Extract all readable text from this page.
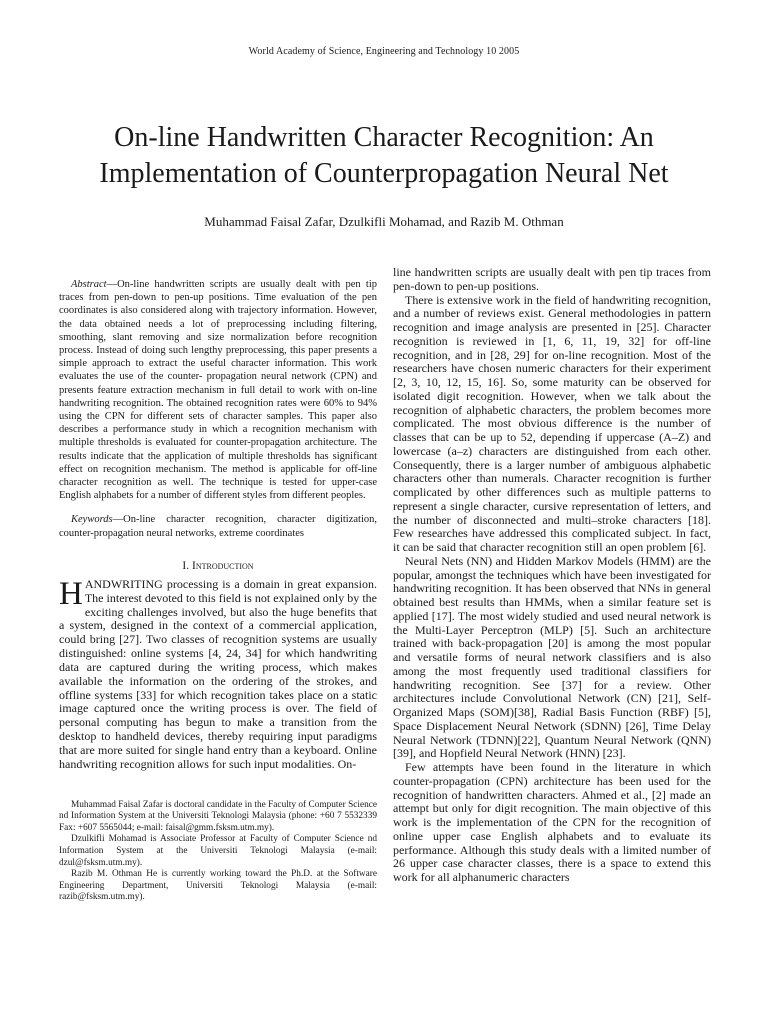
World Academy of Science, Engineering and Technology 10 2005
On-line Handwritten Character Recognition: An Implementation of Counterpropagation Neural Net
Muhammad Faisal Zafar, Dzulkifli Mohamad, and Razib M. Othman

Abstract—On-line handwritten scripts are usually dealt with pen tip traces from pen-down to pen-up positions. Time evaluation of the pen coordinates is also considered along with trajectory information. However, the data obtained needs a lot of preprocessing including filtering, smoothing, slant removing and size normalization before recognition process. Instead of doing such lengthy preprocessing, this paper presents a simple approach to extract the useful character information. This work evaluates the use of the counter- propagation neural network (CPN) and presents feature extraction mechanism in full detail to work with on-line handwriting recognition. The obtained recognition rates were 60% to 94% using the CPN for different sets of character samples. This paper also describes a performance study in which a recognition mechanism with multiple thresholds is evaluated for counter-propagation architecture. The results indicate that the application of multiple thresholds has significant effect on recognition mechanism. The method is applicable for off-line character recognition as well. The technique is tested for upper-case English alphabets for a number of different styles from different peoples.

Keywords—On-line character recognition, character digitization, counter-propagation neural networks, extreme coordinates

I. Introduction

HANDWRITING processing is a domain in great expansion. The interest devoted to this field is not explained only by the exciting challenges involved, but also the huge benefits that a system, designed in the context of a commercial application, could bring [27]. Two classes of recognition systems are usually distinguished: online systems [4, 24, 34] for which handwriting data are captured during the writing process, which makes available the information on the ordering of the strokes, and offline systems [33] for which recognition takes place on a static image captured once the writing process is over. The field of personal computing has begun to make a transition from the desktop to handheld devices, thereby requiring input paradigms that are more suited for single hand entry than a keyboard. Online handwriting recognition allows for such input modalities. On-

Muhammad Faisal Zafar is doctoral candidate in the Faculty of Computer Science nd Information System at the Universiti Teknologi Malaysia (phone: +60 7 5532339 Fax: +607 5565044; e-mail: faisal@gmm.fsksm.utm.my).

Dzulkifli Mohamad is Associate Professor at Faculty of Computer Science nd Information System at the Universiti Teknologi Malaysia (e-mail: dzul@fsksm.utm.my).

Razib M. Othman He is currently working toward the Ph.D. at the Software Engineering Department, Universiti Teknologi Malaysia (e-mail: razib@fsksm.utm.my).

line handwritten scripts are usually dealt with pen tip traces from pen-down to pen-up positions.

There is extensive work in the field of handwriting recognition, and a number of reviews exist. General methodologies in pattern recognition and image analysis are presented in [25]. Character recognition is reviewed in [1, 6, 11, 19, 32] for off-line recognition, and in [28, 29] for on-line recognition. Most of the researchers have chosen numeric characters for their experiment [2, 3, 10, 12, 15, 16]. So, some maturity can be observed for isolated digit recognition. However, when we talk about the recognition of alphabetic characters, the problem becomes more complicated. The most obvious difference is the number of classes that can be up to 52, depending if uppercase (A–Z) and lowercase (a–z) characters are distinguished from each other. Consequently, there is a larger number of ambiguous alphabetic characters other than numerals. Character recognition is further complicated by other differences such as multiple patterns to represent a single character, cursive representation of letters, and the number of disconnected and multi–stroke characters [18]. Few researches have addressed this complicated subject. In fact, it can be said that character recognition still an open problem [6].

Neural Nets (NN) and Hidden Markov Models (HMM) are the popular, amongst the techniques which have been investigated for handwriting recognition. It has been observed that NNs in general obtained best results than HMMs, when a similar feature set is applied [17]. The most widely studied and used neural network is the Multi-Layer Perceptron (MLP) [5]. Such an architecture trained with back-propagation [20] is among the most popular and versatile forms of neural network classifiers and is also among the most frequently used traditional classifiers for handwriting recognition. See [37] for a review. Other architectures include Convolutional Network (CN) [21], Self-Organized Maps (SOM)[38], Radial Basis Function (RBF) [5], Space Displacement Neural Network (SDNN) [26], Time Delay Neural Network (TDNN)[22], Quantum Neural Network (QNN) [39], and Hopfield Neural Network (HNN) [23].

Few attempts have been found in the literature in which counter-propagation (CPN) architecture has been used for the recognition of handwritten characters. Ahmed et al., [2] made an attempt but only for digit recognition. The main objective of this work is the implementation of the CPN for the recognition of online upper case English alphabets and to evaluate its performance. Although this study deals with a limited number of 26 upper case character classes, there is a space to extend this work for all alphanumeric characters
